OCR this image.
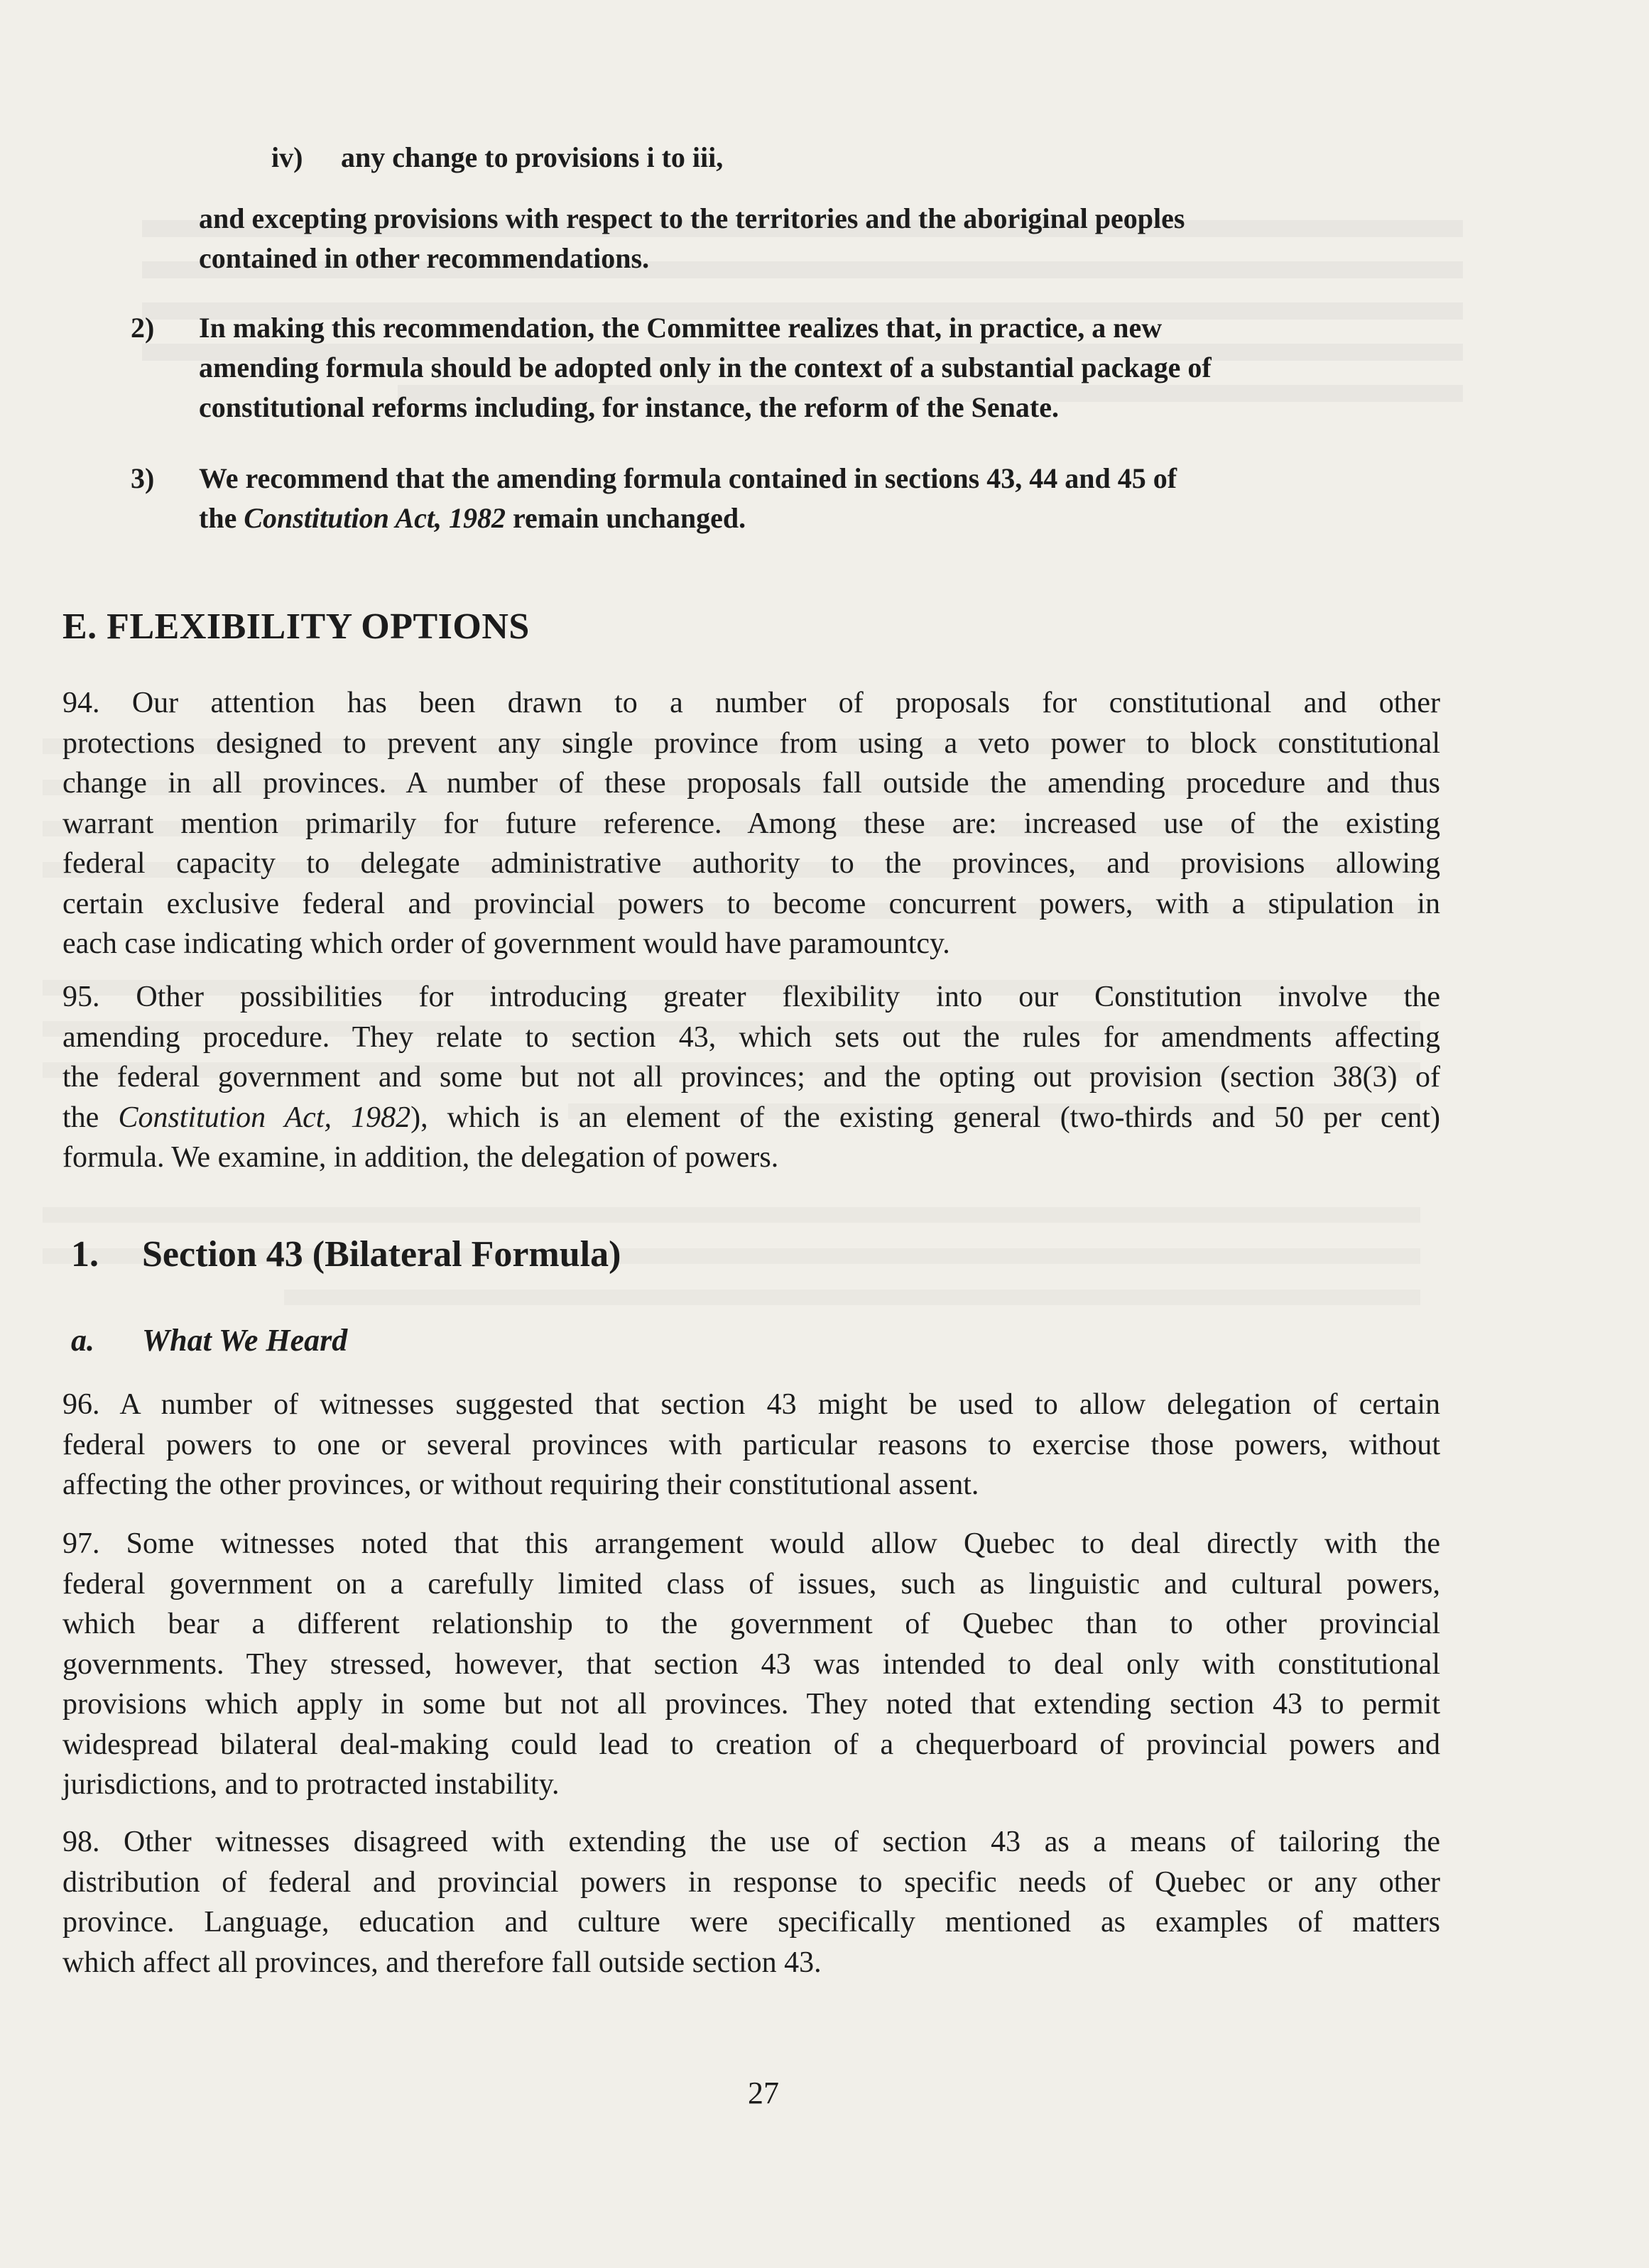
iv) any change to provisions i to iii,
and excepting provisions with respect to the territories and the aboriginal peoples
contained in other recommendations.
2) In making this recommendation, the Committee realizes that, in practice, a new
amending formula should be adopted only in the context of a substantial package of
constitutional reforms including, for instance, the reform of the Senate.
3) We recommend that the amending formula contained in sections 43, 44 and 45 of
the Constitution Act, 1982 remain unchanged.
E. FLEXIBILITY OPTIONS
94. Our attention has been drawn to a number of proposals for constitutional and other
protections designed to prevent any single province from using a veto power to block constitutional
change in all provinces. A number of these proposals fall outside the amending procedure and thus
warrant mention primarily for future reference. Among these are: increased use of the existing
federal capacity to delegate administrative authority to the provinces, and provisions allowing
certain exclusive federal and provincial powers to become concurrent powers, with a stipulation in
each case indicating which order of government would have paramountcy.
95. Other possibilities for introducing greater flexibility into our Constitution involve the
amending procedure. They relate to section 43, which sets out the rules for amendments affecting
the federal government and some but not all provinces; and the opting out provision (section 38(3) of
the Constitution Act, 1982), which is an element of the existing general (two-thirds and 50 per cent)
formula. We examine, in addition, the delegation of powers.
1. Section 43 (Bilateral Formula)
a. What We Heard
96. A number of witnesses suggested that section 43 might be used to allow delegation of certain
federal powers to one or several provinces with particular reasons to exercise those powers, without
affecting the other provinces, or without requiring their constitutional assent.
97. Some witnesses noted that this arrangement would allow Quebec to deal directly with the
federal government on a carefully limited class of issues, such as linguistic and cultural powers,
which bear a different relationship to the government of Quebec than to other provincial
governments. They stressed, however, that section 43 was intended to deal only with constitutional
provisions which apply in some but not all provinces. They noted that extending section 43 to permit
widespread bilateral deal-making could lead to creation of a chequerboard of provincial powers and
jurisdictions, and to protracted instability.
98. Other witnesses disagreed with extending the use of section 43 as a means of tailoring the
distribution of federal and provincial powers in response to specific needs of Quebec or any other
province. Language, education and culture were specifically mentioned as examples of matters
which affect all provinces, and therefore fall outside section 43.
27
